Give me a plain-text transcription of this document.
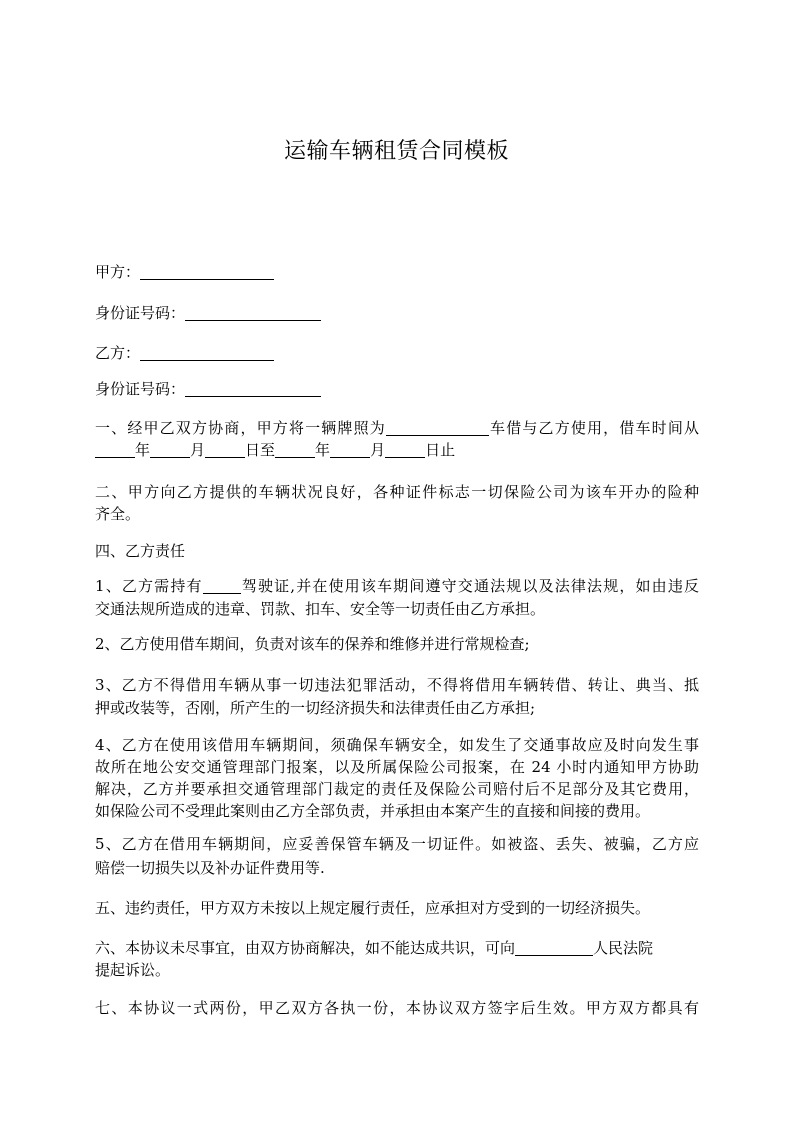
运输车辆租赁合同模板
甲方：
身份证号码：
乙方：
身份证号码：
一、经甲乙双方协商，甲方将一辆牌照为	车借与乙方使用，借车时间从
年	月	日至	年	月	日止
二、甲方向乙方提供的车辆状况良好，各种证件标志一切保险公司为该车开办的险种
齐全。
四、乙方责任
1、乙方需持有	驾驶证,并在使用该车期间遵守交通法规以及法律法规，如由违反
交通法规所造成的违章、罚款、扣车、安全等一切责任由乙方承担。
2、乙方使用借车期间，负责对该车的保养和维修并进行常规检查;
3、乙方不得借用车辆从事一切违法犯罪活动，不得将借用车辆转借、转让、典当、抵
押或改装等，否刚，所产生的一切经济损失和法律责任由乙方承担;
4、乙方在使用该借用车辆期间，须确保车辆安全，如发生了交通事故应及时向发生事
故所在地公安交通管理部门报案，以及所属保险公司报案，在 24 小时内通知甲方协助
解决，乙方并要承担交通管理部门裁定的责任及保险公司赔付后不足部分及其它费用，
如保险公司不受理此案则由乙方全部负责，并承担由本案产生的直接和间接的费用。
5、乙方在借用车辆期间，应妥善保管车辆及一切证件。如被盗、丢失、被骗，乙方应
赔偿一切损失以及补办证件费用等.
五、违约责任，甲方双方未按以上规定履行责任，应承担对方受到的一切经济损失。
六、本协议未尽事宜，由双方协商解决，如不能达成共识，可向	人民法院
提起诉讼。
七、本协议一式两份，甲乙双方各执一份，本协议双方签字后生效。甲方双方都具有
